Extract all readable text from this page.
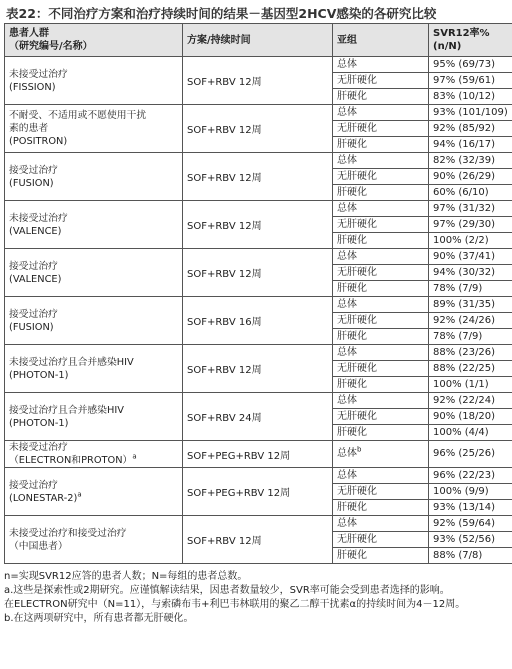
表22：不同治疗方案和治疗持续时间的结果－基因型2HCV感染的各研究比较
患者人群
（研究编号/名称）	方案/持续时间	亚组	SVR12率% (n/N)

未接受过治疗
(FISSION)	SOF+RBV 12周	总体	95% (69/73)
		无肝硬化	97% (59/61)
		肝硬化	83% (10/12)

不耐受、不适用或不愿使用干扰
素的患者
(POSITRON)	SOF+RBV 12周	总体	93% (101/109)
		无肝硬化	92% (85/92)
		肝硬化	94% (16/17)

接受过治疗
(FUSION)	SOF+RBV 12周	总体	82% (32/39)
		无肝硬化	90% (26/29)
		肝硬化	60% (6/10)

未接受过治疗
(VALENCE)	SOF+RBV 12周	总体	97% (31/32)
		无肝硬化	97% (29/30)
		肝硬化	100% (2/2)

接受过治疗
(VALENCE)	SOF+RBV 12周	总体	90% (37/41)
		无肝硬化	94% (30/32)
		肝硬化	78% (7/9)

接受过治疗
(FUSION)	SOF+RBV 16周	总体	89% (31/35)
		无肝硬化	92% (24/26)
		肝硬化	78% (7/9)

未接受过治疗且合并感染HIV
(PHOTON-1)	SOF+RBV 12周	总体	88% (23/26)
		无肝硬化	88% (22/25)
		肝硬化	100% (1/1)

接受过治疗且合并感染HIV
(PHOTON-1)	SOF+RBV 24周	总体	92% (22/24)
		无肝硬化	90% (18/20)
		肝硬化	100% (4/4)

未接受过治疗
（ELECTRON和PROTON）$^a$	SOF+PEG+RBV 12周	总体$^b$	96% (25/26)

接受过治疗
(LONESTAR-2)$^a$	SOF+PEG+RBV 12周	总体	96% (22/23)
		无肝硬化	100% (9/9)
		肝硬化	93% (13/14)

未接受过治疗和接受过治疗
（中国患者）	SOF+RBV 12周	总体	92% (59/64)
		无肝硬化	93% (52/56)
		肝硬化	88% (7/8)

n=实现SVR12应答的患者人数；N=每组的患者总数。

a.这些是探索性或2期研究。应谨慎解读结果，因患者数量较少，SVR率可能会受到患者选择的影响。

在ELECTRON研究中（N=11），与索磷布韦+利巴韦林联用的聚乙二醇干扰素α的持续时间为4－12周。

b.在这两项研究中，所有患者都无肝硬化。
